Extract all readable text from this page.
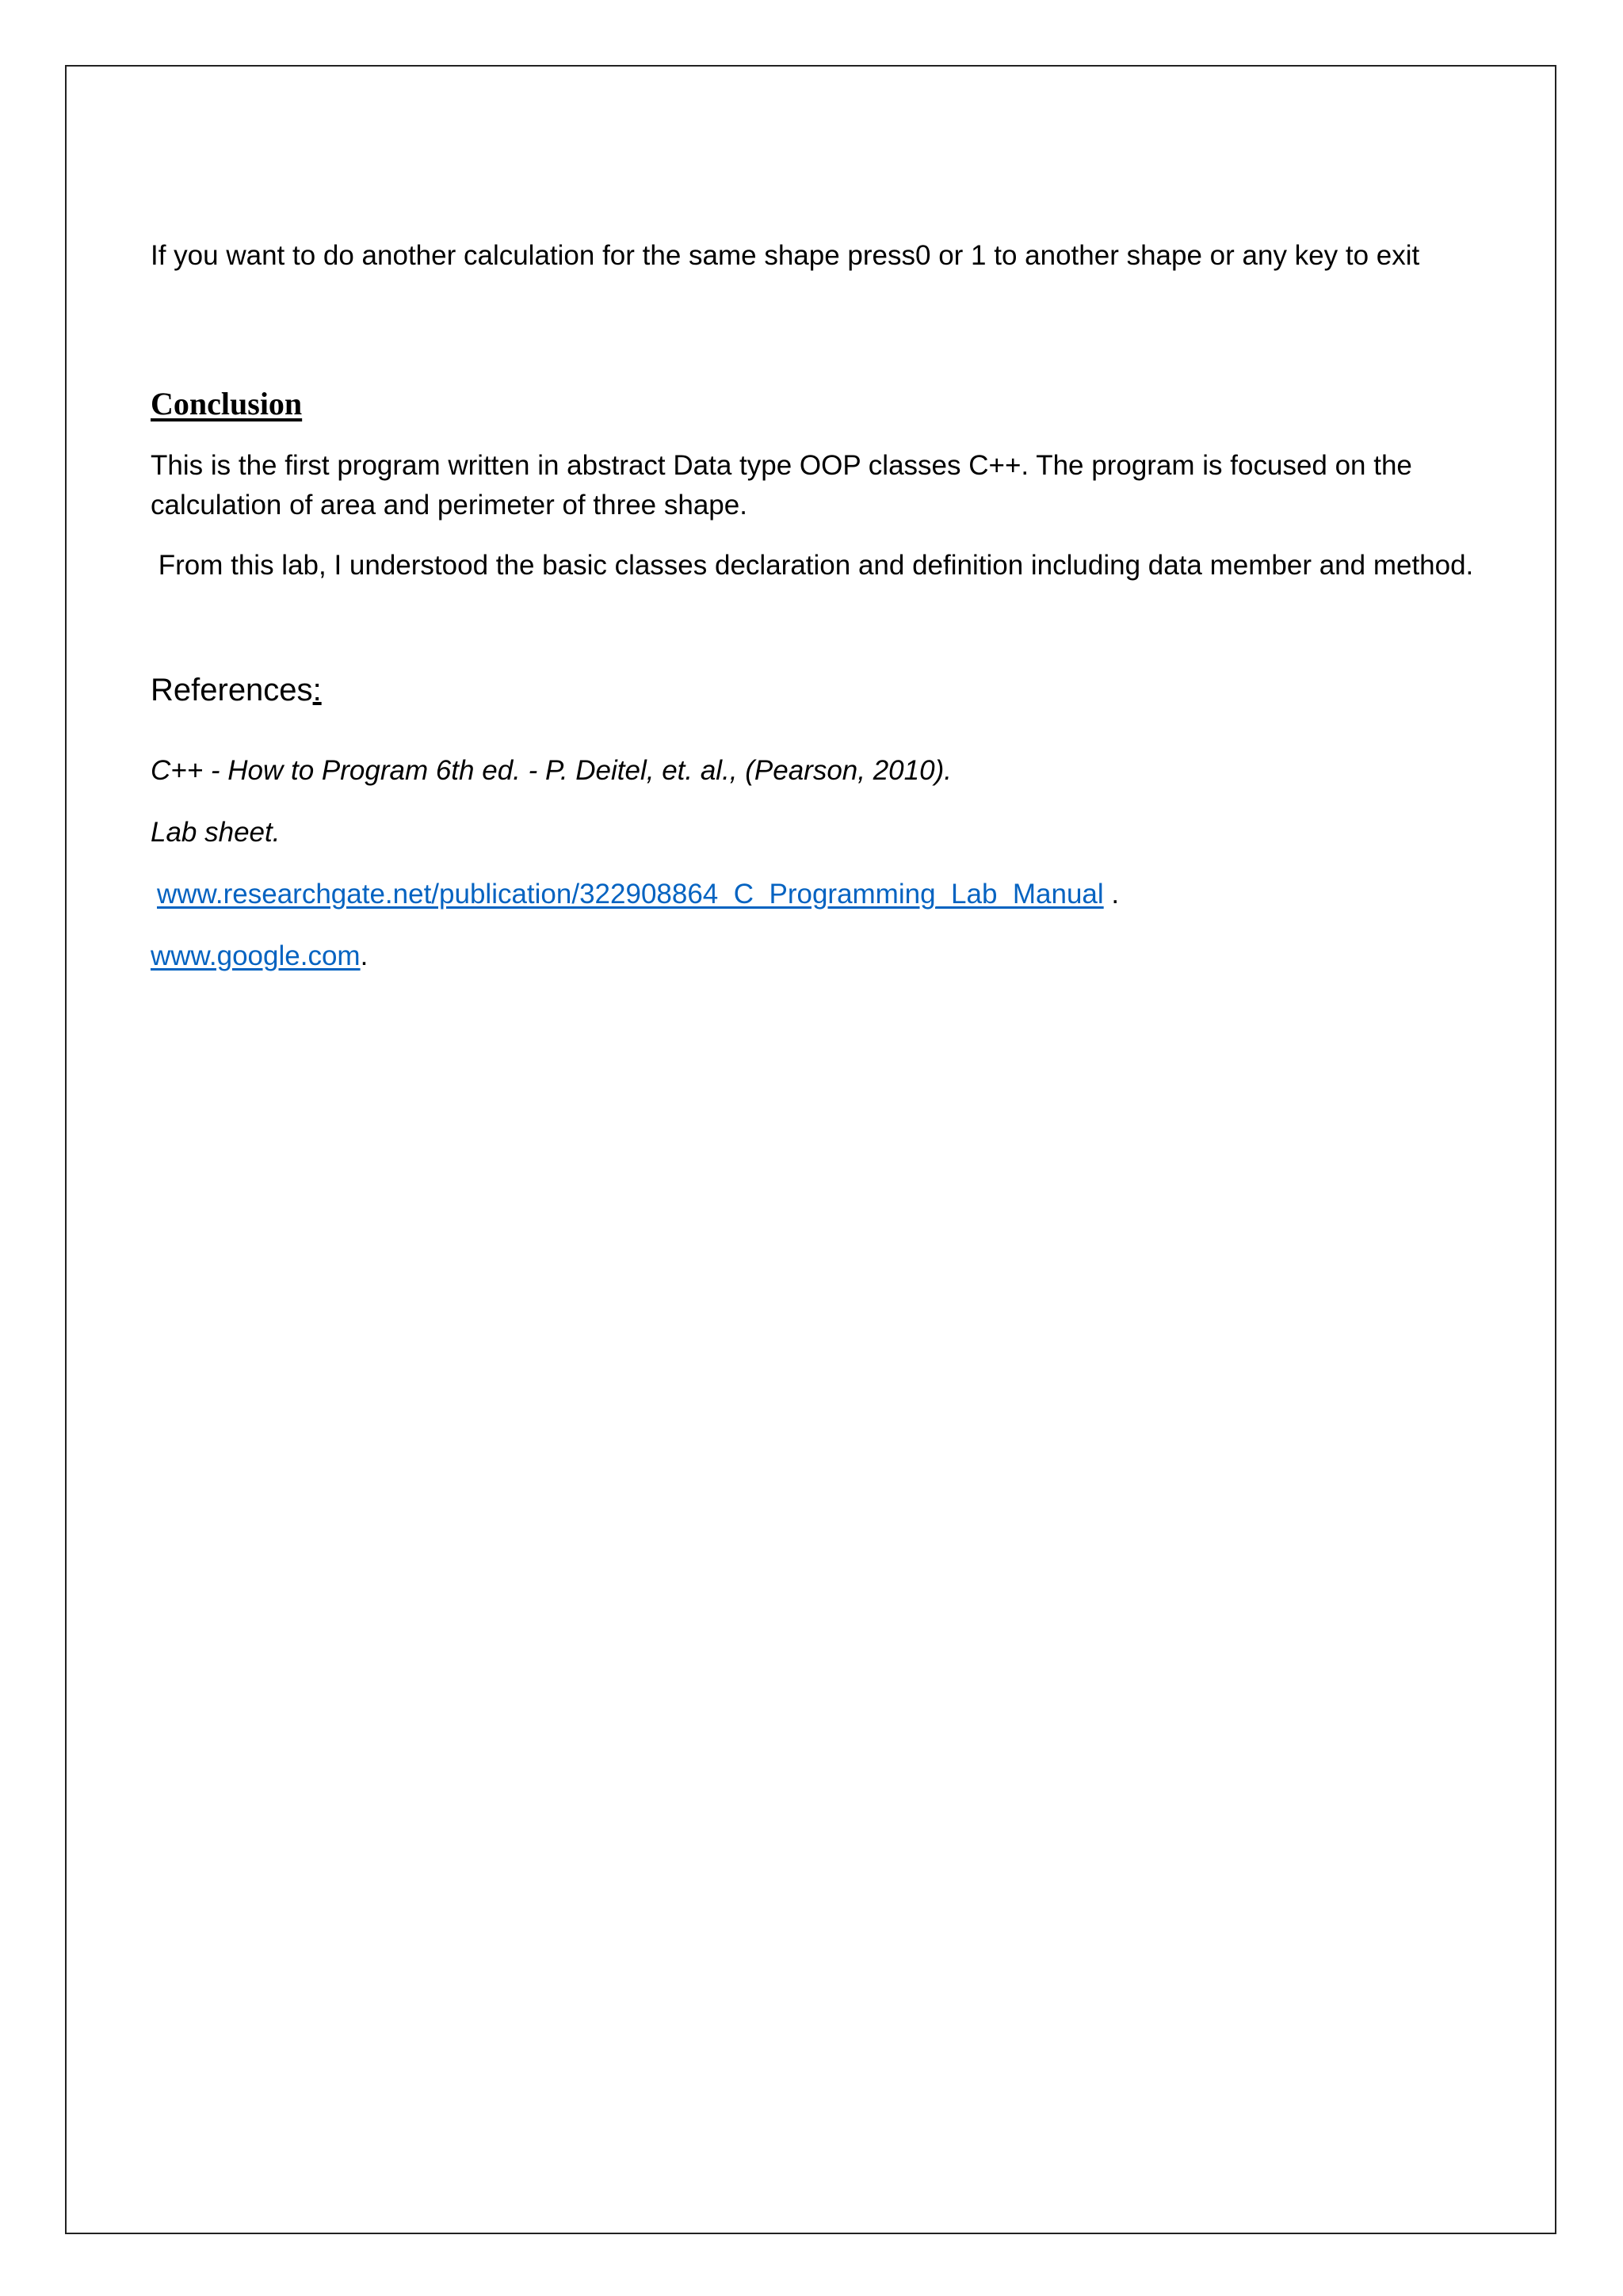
If you want to do another calculation for the same shape press0 or 1 to another shape or any key to exit
Conclusion
This is the first program written in abstract Data type OOP classes C++. The program is focused on the calculation of area and perimeter of three shape.
From this lab, I understood the basic classes declaration and definition including data member and method.
References:
C++ - How to Program 6th ed. - P. Deitel, et. al., (Pearson, 2010).
Lab sheet.
www.researchgate.net/publication/322908864_C_Programming_Lab_Manual .
www.google.com.
